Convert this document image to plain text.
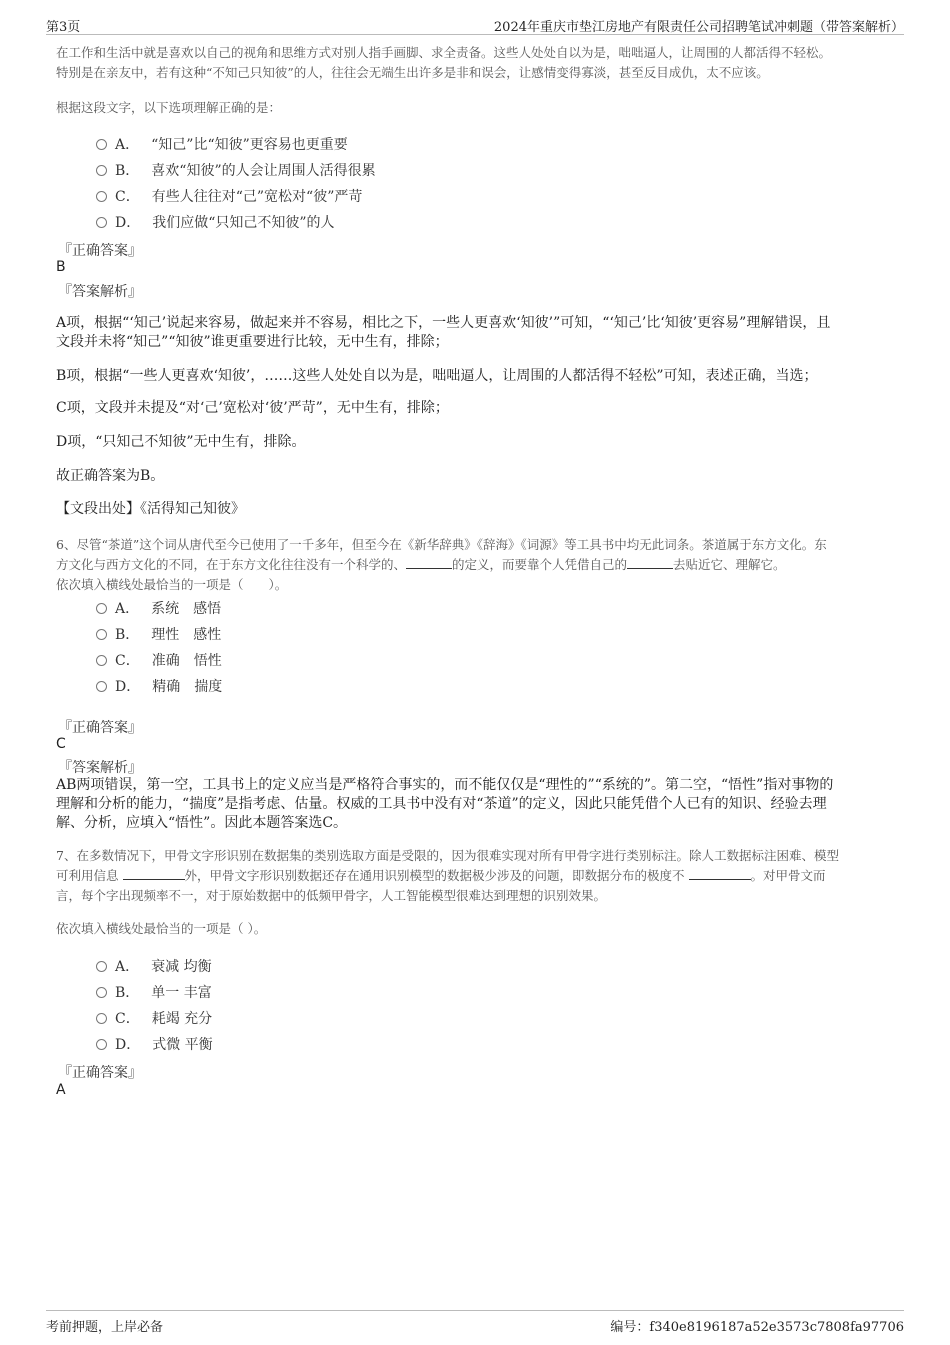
第3页	2024年重庆市垫江房地产有限责任公司招聘笔试冲刺题（带答案解析）
在工作和生活中就是喜欢以自己的视角和思维方式对别人指手画脚、求全责备。这些人处处自以为是，咄咄逼人，让周围的人都活得不轻松。
特别是在亲友中，若有这种“不知己只知彼”的人，往往会无端生出许多是非和误会，让感情变得寡淡，甚至反目成仇，太不应该。
根据这段文字，以下选项理解正确的是：
A． “知己”比“知彼”更容易也更重要
B． 喜欢“知彼”的人会让周围人活得很累
C． 有些人往往对“己”宽松对“彼”严苛
D． 我们应做“只知己不知彼”的人
『正确答案』
B
『答案解析』
A项，根据“‘知己’说起来容易，做起来并不容易，相比之下，一些人更喜欢‘知彼’”可知，“‘知己’比‘知彼’更容易”理解错误，且
文段并未将“知己”“知彼”谁更重要进行比较，无中生有，排除；
B项，根据“一些人更喜欢‘知彼’，……这些人处处自以为是，咄咄逼人，让周围的人都活得不轻松”可知，表述正确，当选；
C项，文段并未提及“对‘己’宽松对‘彼’严苛”，无中生有，排除；
D项，“只知己不知彼”无中生有，排除。
故正确答案为B。
【文段出处】《活得知己知彼》
6、尽管“茶道”这个词从唐代至今已使用了一千多年，但至今在《新华辞典》《辞海》《词源》等工具书中均无此词条。茶道属于东方文化。东
方文化与西方文化的不同，在于东方文化往往没有一个科学的、	的定义，而要靠个人凭借自己的	去贴近它、理解它。
依次填入横线处最恰当的一项是（　　）。
A． 系统　感悟
B． 理性　感性
C． 准确　悟性
D． 精确　揣度
『正确答案』
C
『答案解析』
AB两项错误，第一空，工具书上的定义应当是严格符合事实的，而不能仅仅是“理性的”“系统的”。第二空，“悟性”指对事物的
理解和分析的能力，“揣度”是指考虑、估量。权威的工具书中没有对“茶道”的定义，因此只能凭借个人已有的知识、经验去理
解、分析，应填入“悟性”。因此本题答案选C。
7、在多数情况下，甲骨文字形识别在数据集的类别选取方面是受限的，因为很难实现对所有甲骨字进行类别标注。除人工数据标注困难、模型
可利用信息	外，甲骨文字形识别数据还存在通用识别模型的数据极少涉及的问题，即数据分布的极度不	。对甲骨文而
言，每个字出现频率不一，对于原始数据中的低频甲骨字，人工智能模型很难达到理想的识别效果。
依次填入横线处最恰当的一项是（ ）。
A． 衰减 均衡
B． 单一 丰富
C． 耗竭 充分
D． 式微 平衡
『正确答案』
A
考前押题，上岸必备	编号：f340e8196187a52e3573c7808fa97706
